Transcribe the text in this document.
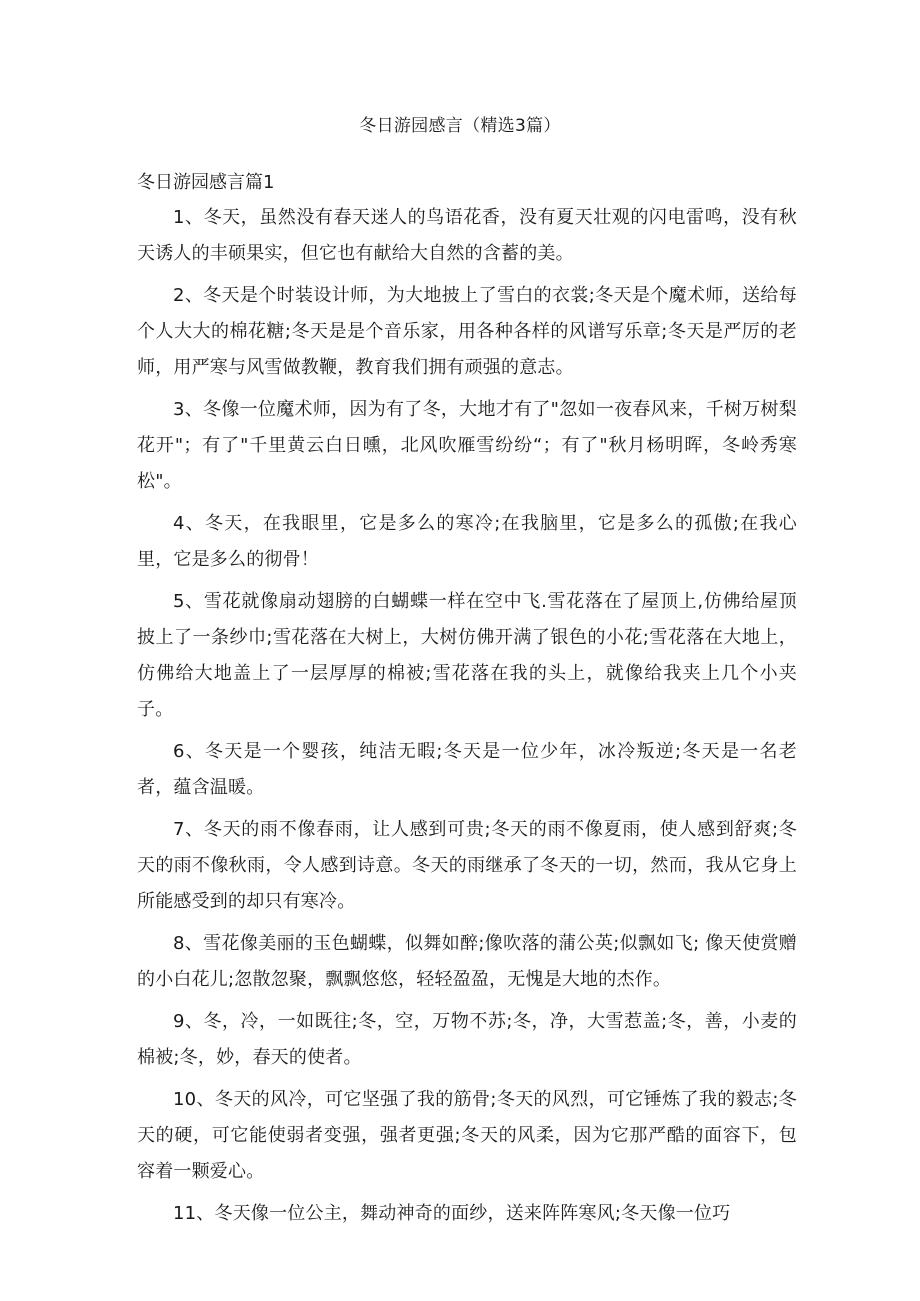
冬日游园感言（精选3篇）
冬日游园感言篇1

1、冬天，虽然没有春天迷人的鸟语花香，没有夏天壮观的闪电雷鸣，没有秋天诱人的丰硕果实，但它也有献给大自然的含蓄的美。

2、冬天是个时装设计师，为大地披上了雪白的衣裳;冬天是个魔术师，送给每个人大大的棉花糖;冬天是是个音乐家，用各种各样的风谱写乐章;冬天是严厉的老师，用严寒与风雪做教鞭，教育我们拥有顽强的意志。

3、冬像一位魔术师，因为有了冬，大地才有了"忽如一夜春风来，千树万树梨花开"；有了"千里黄云白日曛，北风吹雁雪纷纷“；有了"秋月杨明晖，冬岭秀寒松"。

4、冬天，在我眼里，它是多么的寒冷;在我脑里，它是多么的孤傲;在我心里，它是多么的彻骨！

5、雪花就像扇动翅膀的白蝴蝶一样在空中飞.雪花落在了屋顶上,仿佛给屋顶披上了一条纱巾;雪花落在大树上，大树仿佛开满了银色的小花;雪花落在大地上，仿佛给大地盖上了一层厚厚的棉被;雪花落在我的头上，就像给我夹上几个小夹子。

6、冬天是一个婴孩，纯洁无暇;冬天是一位少年，冰冷叛逆;冬天是一名老者，蕴含温暖。

7、冬天的雨不像春雨，让人感到可贵;冬天的雨不像夏雨，使人感到舒爽;冬天的雨不像秋雨，令人感到诗意。冬天的雨继承了冬天的一切，然而，我从它身上所能感受到的却只有寒冷。

8、雪花像美丽的玉色蝴蝶，似舞如醉;像吹落的蒲公英;似飘如飞; 像天使赏赠的小白花儿;忽散忽聚，飘飘悠悠，轻轻盈盈，无愧是大地的杰作。

9、冬，冷，一如既往;冬，空，万物不苏;冬，净，大雪惹盖;冬，善，小麦的棉被;冬，妙，春天的使者。

10、冬天的风冷，可它坚强了我的筋骨;冬天的风烈，可它锤炼了我的毅志;冬天的硬，可它能使弱者变强，强者更强;冬天的风柔，因为它那严酷的面容下，包容着一颗爱心。

11、冬天像一位公主，舞动神奇的面纱，送来阵阵寒风;冬天像一位巧
